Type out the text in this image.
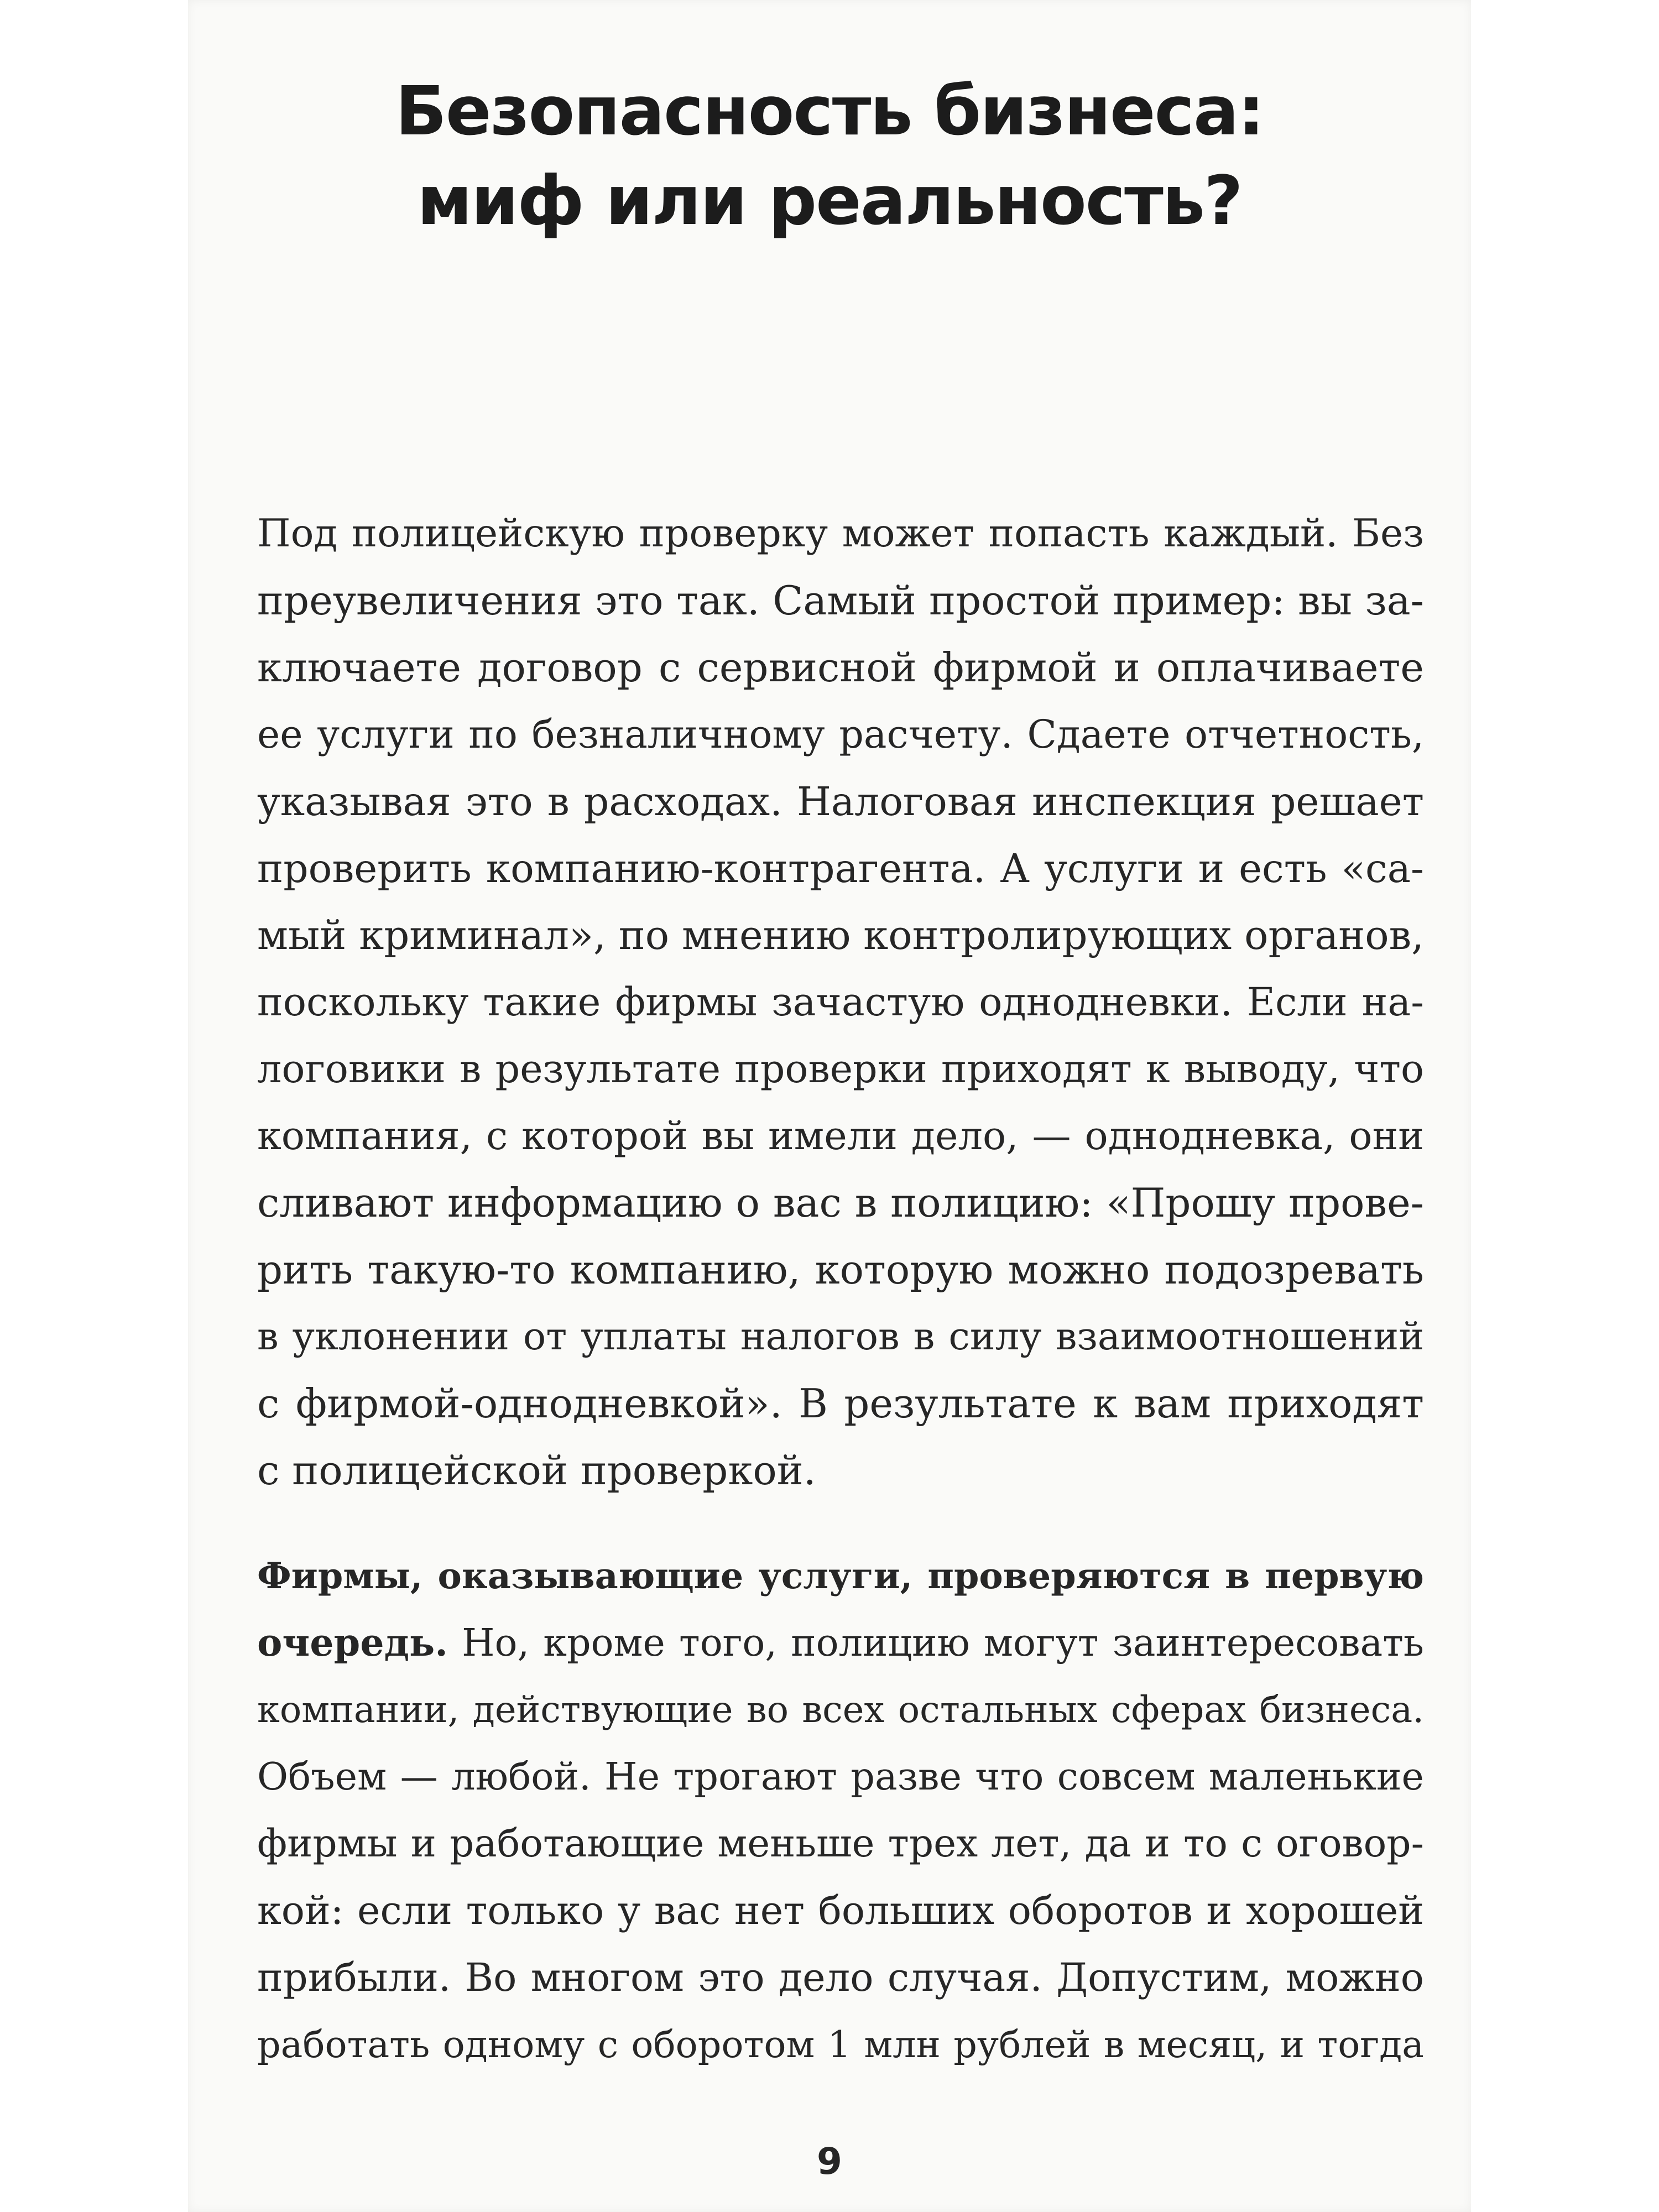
Безопасность бизнеса:
миф или реальность?
Под полицейскую проверку может попасть каждый. Без
преувеличения это так. Самый простой пример: вы за-
ключаете договор с сервисной фирмой и оплачиваете
ее услуги по безналичному расчету. Сдаете отчетность,
указывая это в расходах. Налоговая инспекция решает
проверить компанию-контрагента. А услуги и есть «са-
мый криминал», по мнению контролирующих органов,
поскольку такие фирмы зачастую однодневки. Если на-
логовики в результате проверки приходят к выводу, что
компания, с которой вы имели дело, — однодневка, они
сливают информацию о вас в полицию: «Прошу прове-
рить такую-то компанию, которую можно подозревать
в уклонении от уплаты налогов в силу взаимоотношений
с фирмой-однодневкой». В результате к вам приходят
с полицейской проверкой.
Фирмы, оказывающие услуги, проверяются в первую
очередь. Но, кроме того, полицию могут заинтересовать
компании, действующие во всех остальных сферах бизнеса.
Объем — любой. Не трогают разве что совсем маленькие
фирмы и работающие меньше трех лет, да и то с оговор-
кой: если только у вас нет больших оборотов и хорошей
прибыли. Во многом это дело случая. Допустим, можно
работать одному с оборотом 1 млн рублей в месяц, и тогда
9
